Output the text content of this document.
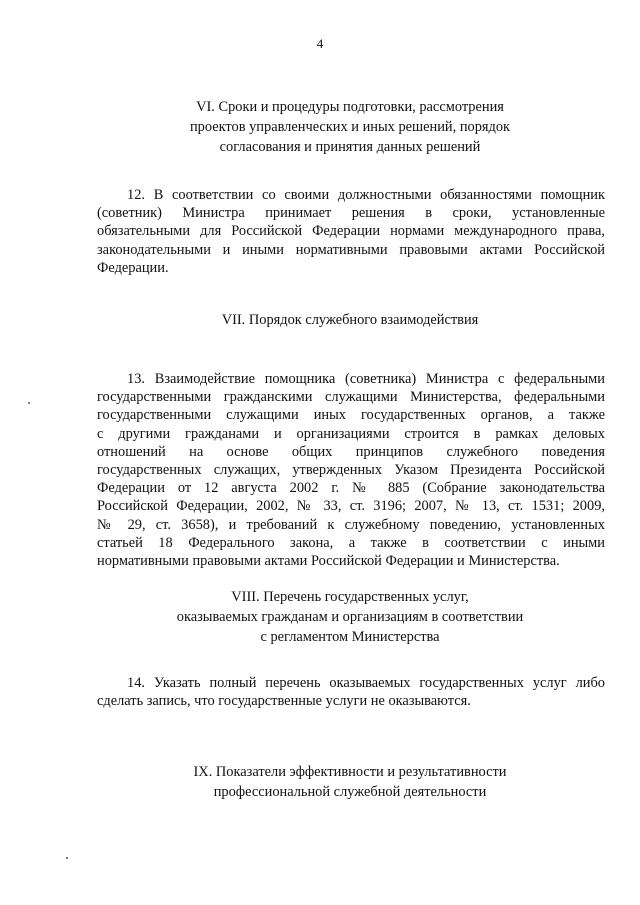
4
VI. Сроки и процедуры подготовки, рассмотрения
проектов управленческих и иных решений, порядок
согласования и принятия данных решений
12. В соответствии со своими должностными обязанностями помощник
(советник) Министра принимает решения в сроки, установленные
обязательными для Российской Федерации нормами международного права,
законодательными и иными нормативными правовыми актами Российской
Федерации.
VII. Порядок служебного взаимодействия
13. Взаимодействие помощника (советника) Министра с федеральными
государственными гражданскими служащими Министерства, федеральными
государственными служащими иных государственных органов, а также
с другими гражданами и организациями строится в рамках деловых
отношений на основе общих принципов служебного поведения
государственных служащих, утвержденных Указом Президента Российской
Федерации от 12 августа 2002 г. № 885 (Собрание законодательства
Российской Федерации, 2002, № 33, ст. 3196; 2007, № 13, ст. 1531; 2009,
№ 29, ст. 3658), и требований к служебному поведению, установленных
статьей 18 Федерального закона, а также в соответствии с иными
нормативными правовыми актами Российской Федерации и Министерства.
VIII. Перечень государственных услуг,
оказываемых гражданам и организациям в соответствии
с регламентом Министерства
14. Указать полный перечень оказываемых государственных услуг либо
сделать запись, что государственные услуги не оказываются.
IX. Показатели эффективности и результативности
профессиональной служебной деятельности
